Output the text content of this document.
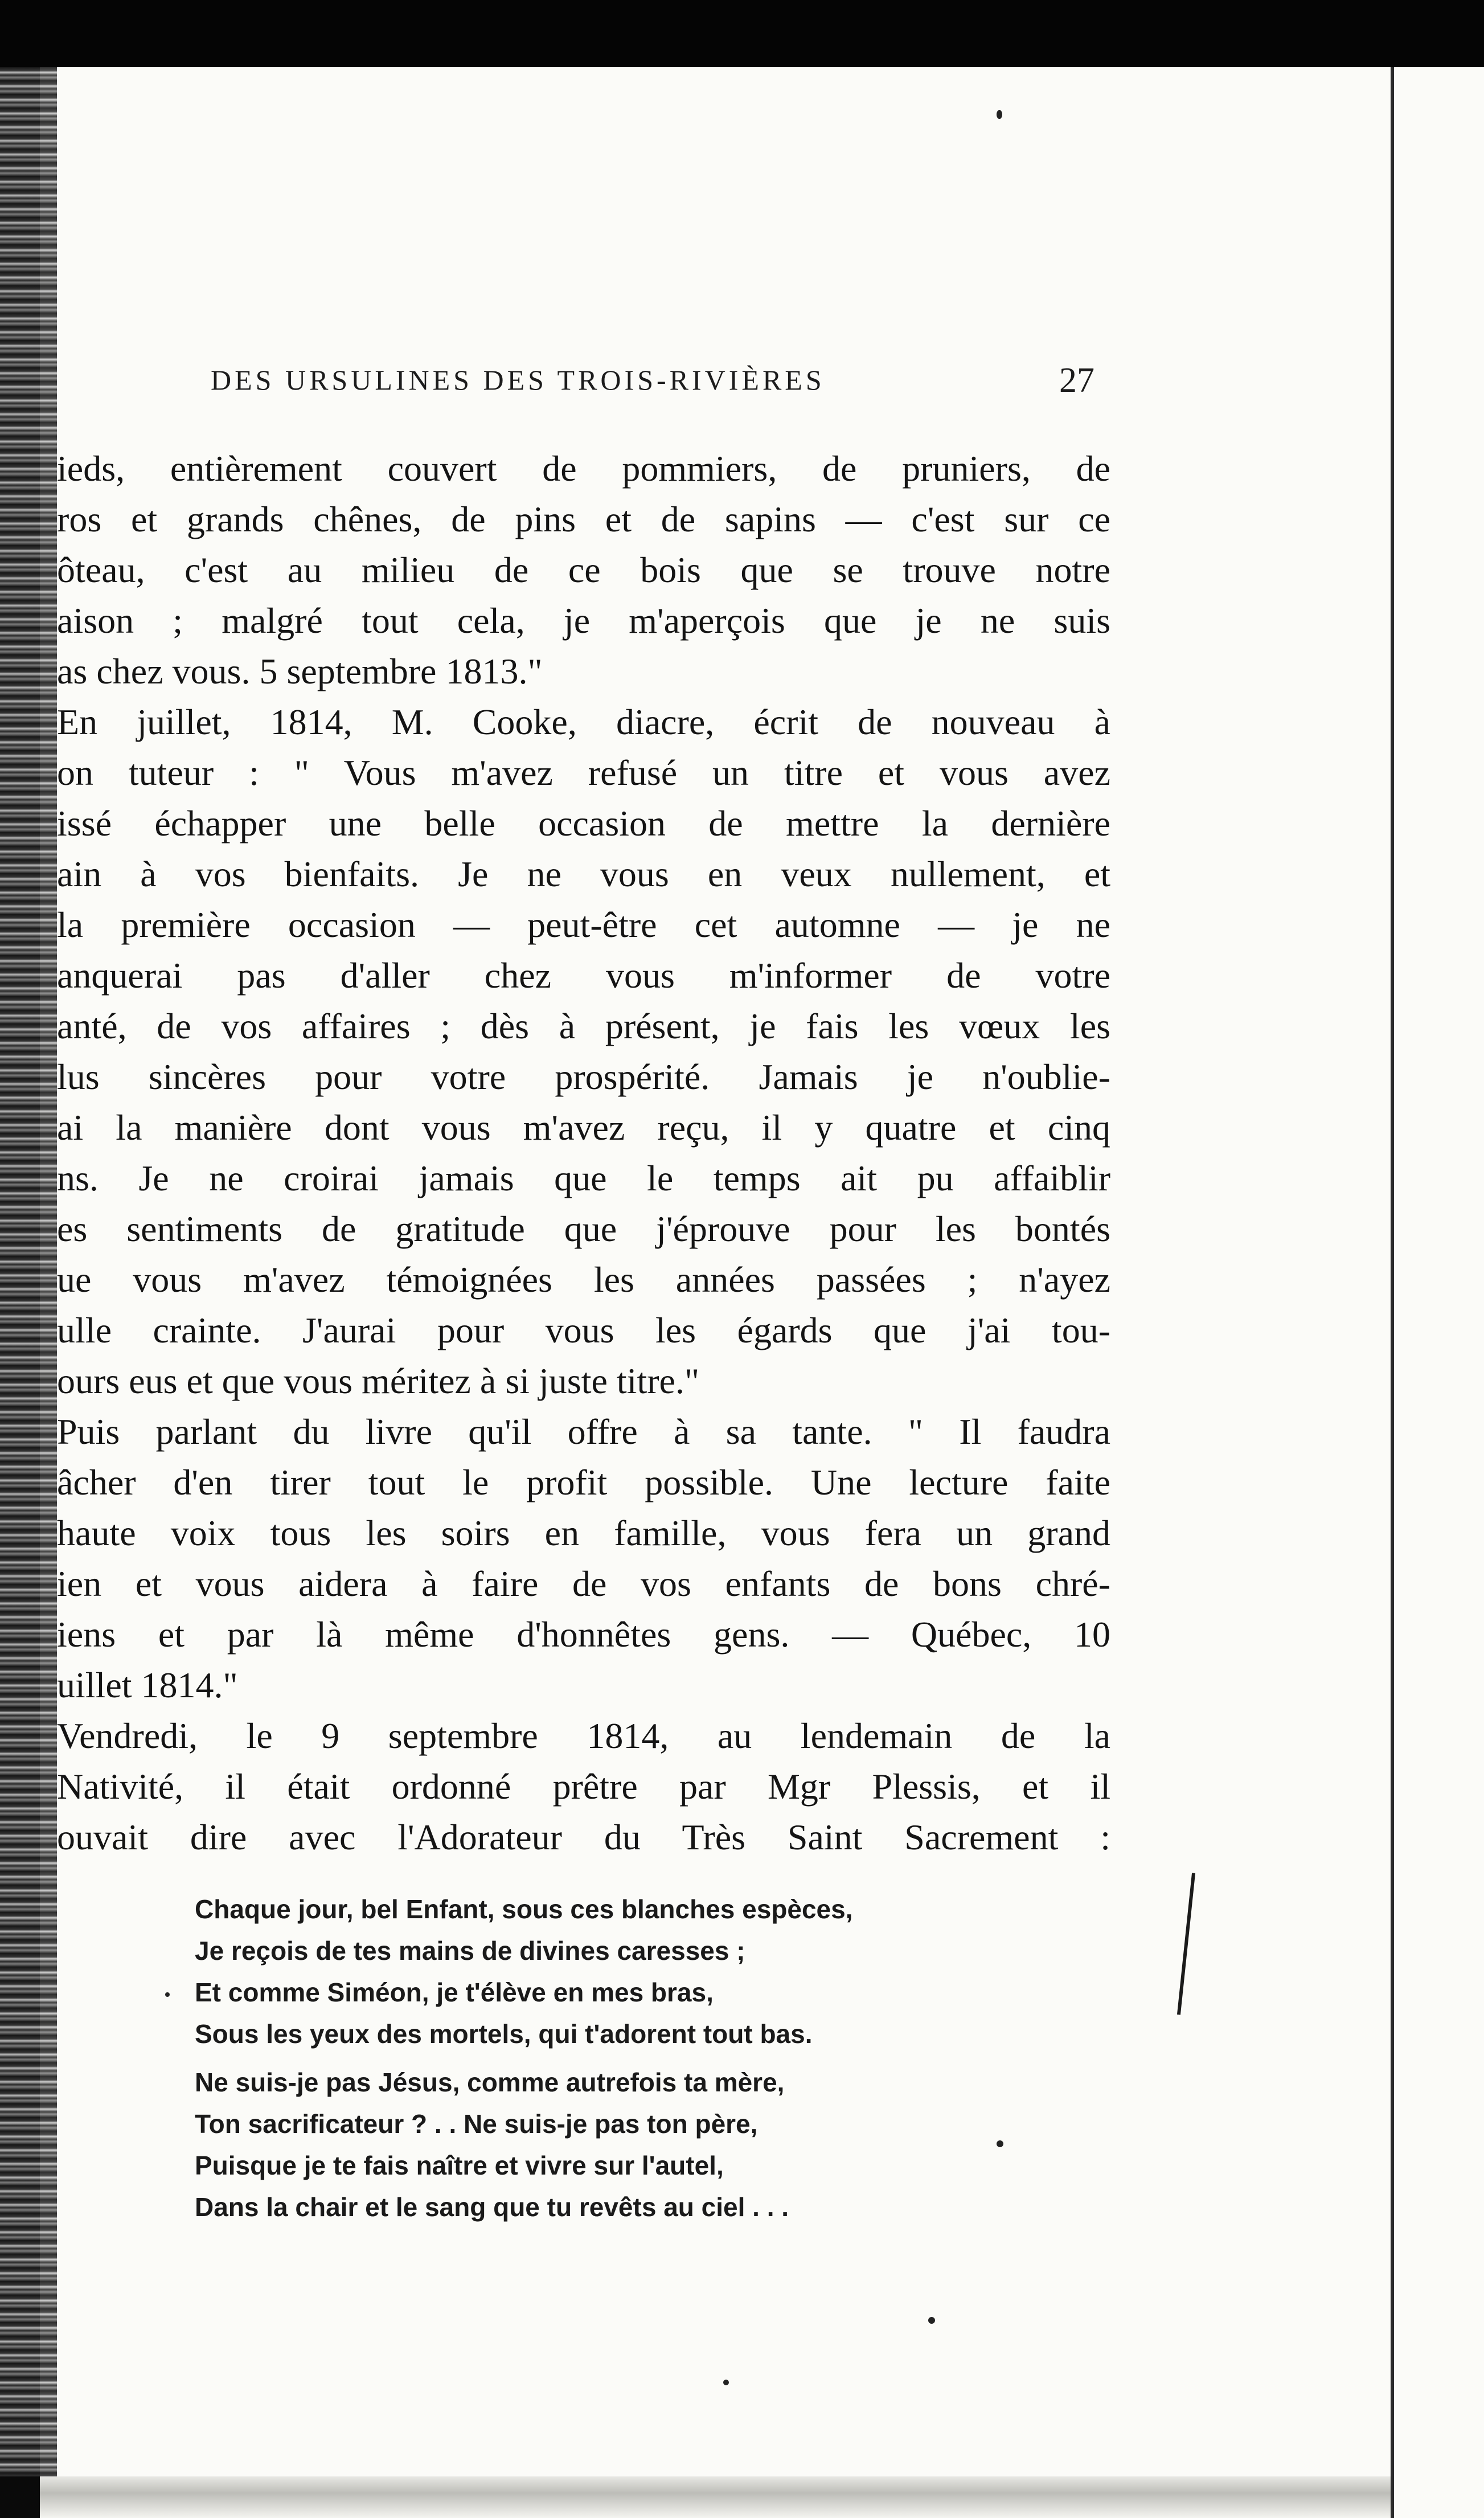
DES URSULINES DES TROIS-RIVIÈRES	27
ieds, entièrement couvert de pommiers, de pruniers, de
ros et grands chênes, de pins et de sapins — c'est sur ce
ôteau, c'est au milieu de ce bois que se trouve notre
aison ; malgré tout cela, je m'aperçois que je ne suis
as chez vous. 5 septembre 1813."
En juillet, 1814, M. Cooke, diacre, écrit de nouveau à
on tuteur : " Vous m'avez refusé un titre et vous avez
issé échapper une belle occasion de mettre la dernière
ain à vos bienfaits. Je ne vous en veux nullement, et
la première occasion — peut-être cet automne — je ne
anquerai pas d'aller chez vous m'informer de votre
anté, de vos affaires ; dès à présent, je fais les vœux les
lus sincères pour votre prospérité. Jamais je n'oublie-
ai la manière dont vous m'avez reçu, il y quatre et cinq
ns. Je ne croirai jamais que le temps ait pu affaiblir
es sentiments de gratitude que j'éprouve pour les bontés
ue vous m'avez témoignées les années passées ; n'ayez
ulle crainte. J'aurai pour vous les égards que j'ai tou-
ours eus et que vous méritez à si juste titre."
Puis parlant du livre qu'il offre à sa tante. " Il faudra
âcher d'en tirer tout le profit possible. Une lecture faite
haute voix tous les soirs en famille, vous fera un grand
ien et vous aidera à faire de vos enfants de bons chré-
iens et par là même d'honnêtes gens. — Québec, 10
uillet 1814."
Vendredi, le 9 septembre 1814, au lendemain de la
Nativité, il était ordonné prêtre par Mgr Plessis, et il
ouvait dire avec l'Adorateur du Très Saint Sacrement :
Chaque jour, bel Enfant, sous ces blanches espèces,
Je reçois de tes mains de divines caresses ;
Et comme Siméon, je t'élève en mes bras,
Sous les yeux des mortels, qui t'adorent tout bas.
Ne suis-je pas Jésus, comme autrefois ta mère,
Ton sacrificateur ? . . Ne suis-je pas ton père,
Puisque je te fais naître et vivre sur l'autel,
Dans la chair et le sang que tu revêts au ciel . . .
